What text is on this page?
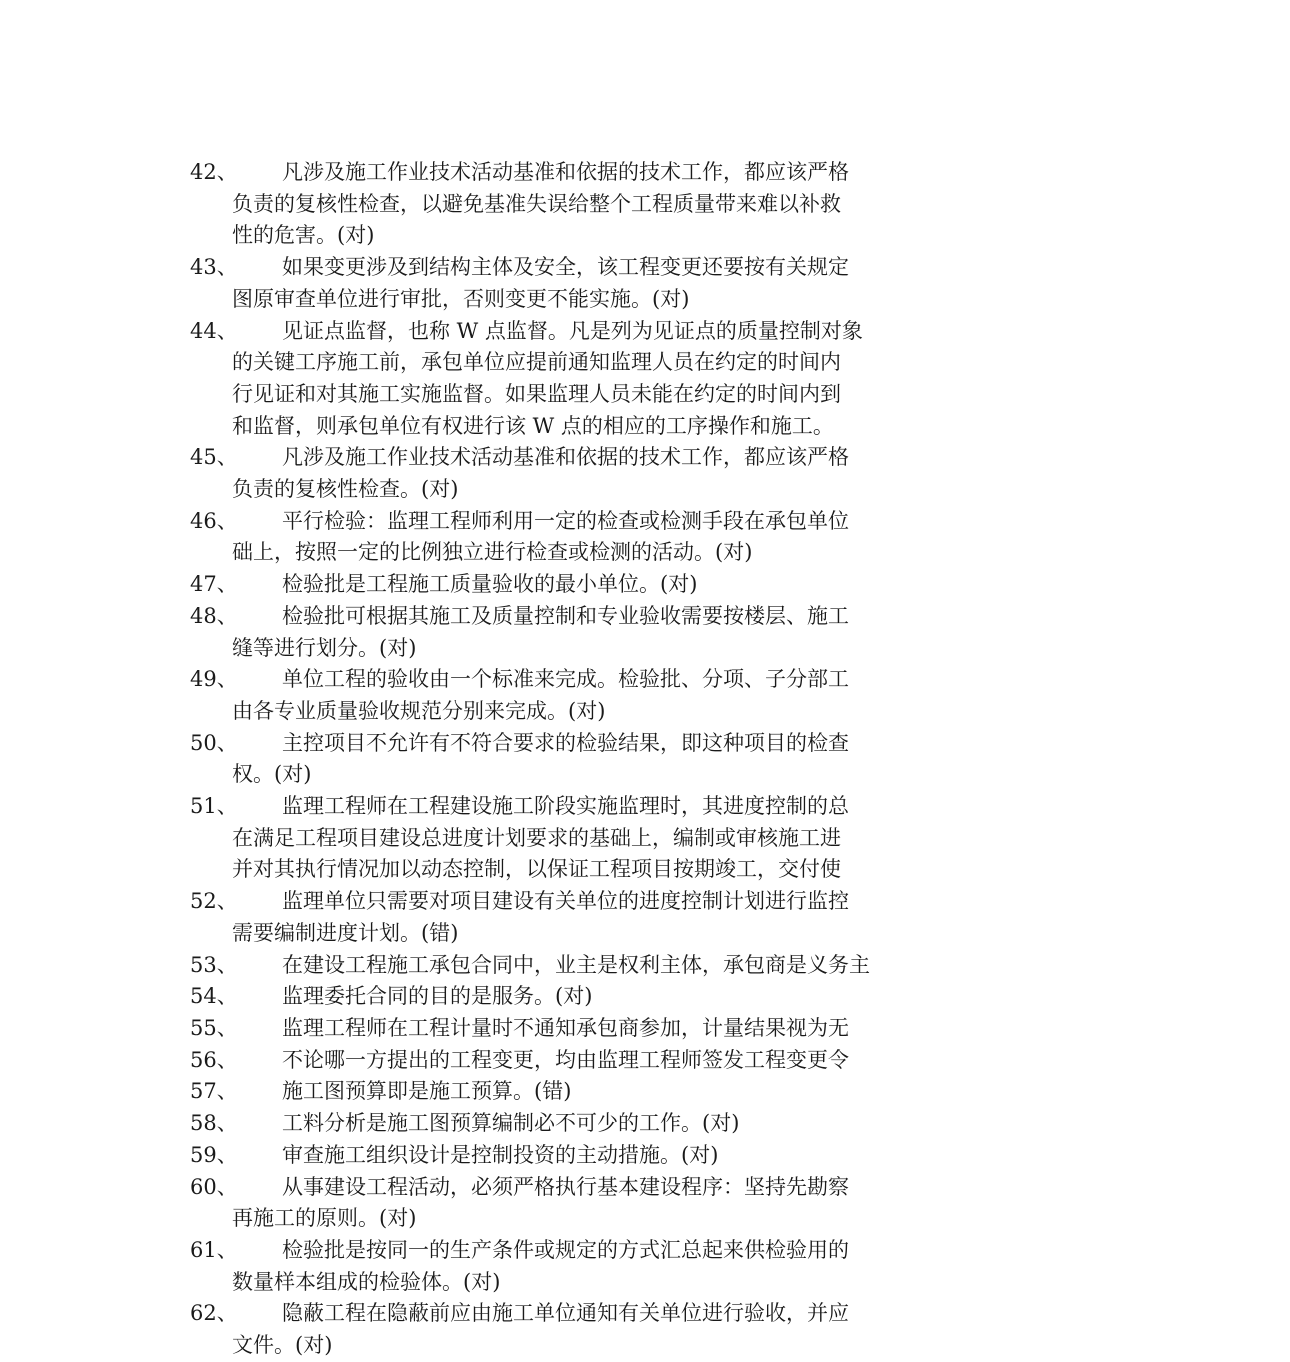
42、	凡涉及施工作业技术活动基准和依据的技术工作，都应该严格
负责的复核性检查，以避免基准失误给整个工程质量带来难以补救
性的危害。(对)
43、	如果变更涉及到结构主体及安全，该工程变更还要按有关规定
图原审查单位进行审批，否则变更不能实施。(对)
44、	见证点监督，也称 W 点监督。凡是列为见证点的质量控制对象
的关键工序施工前，承包单位应提前通知监理人员在约定的时间内
行见证和对其施工实施监督。如果监理人员未能在约定的时间内到
和监督，则承包单位有权进行该 W 点的相应的工序操作和施工。
45、	凡涉及施工作业技术活动基准和依据的技术工作，都应该严格
负责的复核性检查。(对)
46、	平行检验：监理工程师利用一定的检查或检测手段在承包单位
础上，按照一定的比例独立进行检查或检测的活动。(对)
47、	检验批是工程施工质量验收的最小单位。(对)
48、	检验批可根据其施工及质量控制和专业验收需要按楼层、施工
缝等进行划分。(对)
49、	单位工程的验收由一个标准来完成。检验批、分项、子分部工
由各专业质量验收规范分别来完成。(对)
50、	主控项目不允许有不符合要求的检验结果，即这种项目的检查
权。(对)
51、	监理工程师在工程建设施工阶段实施监理时，其进度控制的总
在满足工程项目建设总进度计划要求的基础上，编制或审核施工进
并对其执行情况加以动态控制，以保证工程项目按期竣工，交付使
52、	监理单位只需要对项目建设有关单位的进度控制计划进行监控
需要编制进度计划。(错)
53、	在建设工程施工承包合同中，业主是权利主体，承包商是义务主
54、	监理委托合同的目的是服务。(对)
55、	监理工程师在工程计量时不通知承包商参加，计量结果视为无
56、	不论哪一方提出的工程变更，均由监理工程师签发工程变更令
57、	施工图预算即是施工预算。(错)
58、	工料分析是施工图预算编制必不可少的工作。(对)
59、	审查施工组织设计是控制投资的主动措施。(对)
60、	从事建设工程活动，必须严格执行基本建设程序：坚持先勘察
再施工的原则。(对)
61、	检验批是按同一的生产条件或规定的方式汇总起来供检验用的
数量样本组成的检验体。(对)
62、	隐蔽工程在隐蔽前应由施工单位通知有关单位进行验收，并应
文件。(对)
